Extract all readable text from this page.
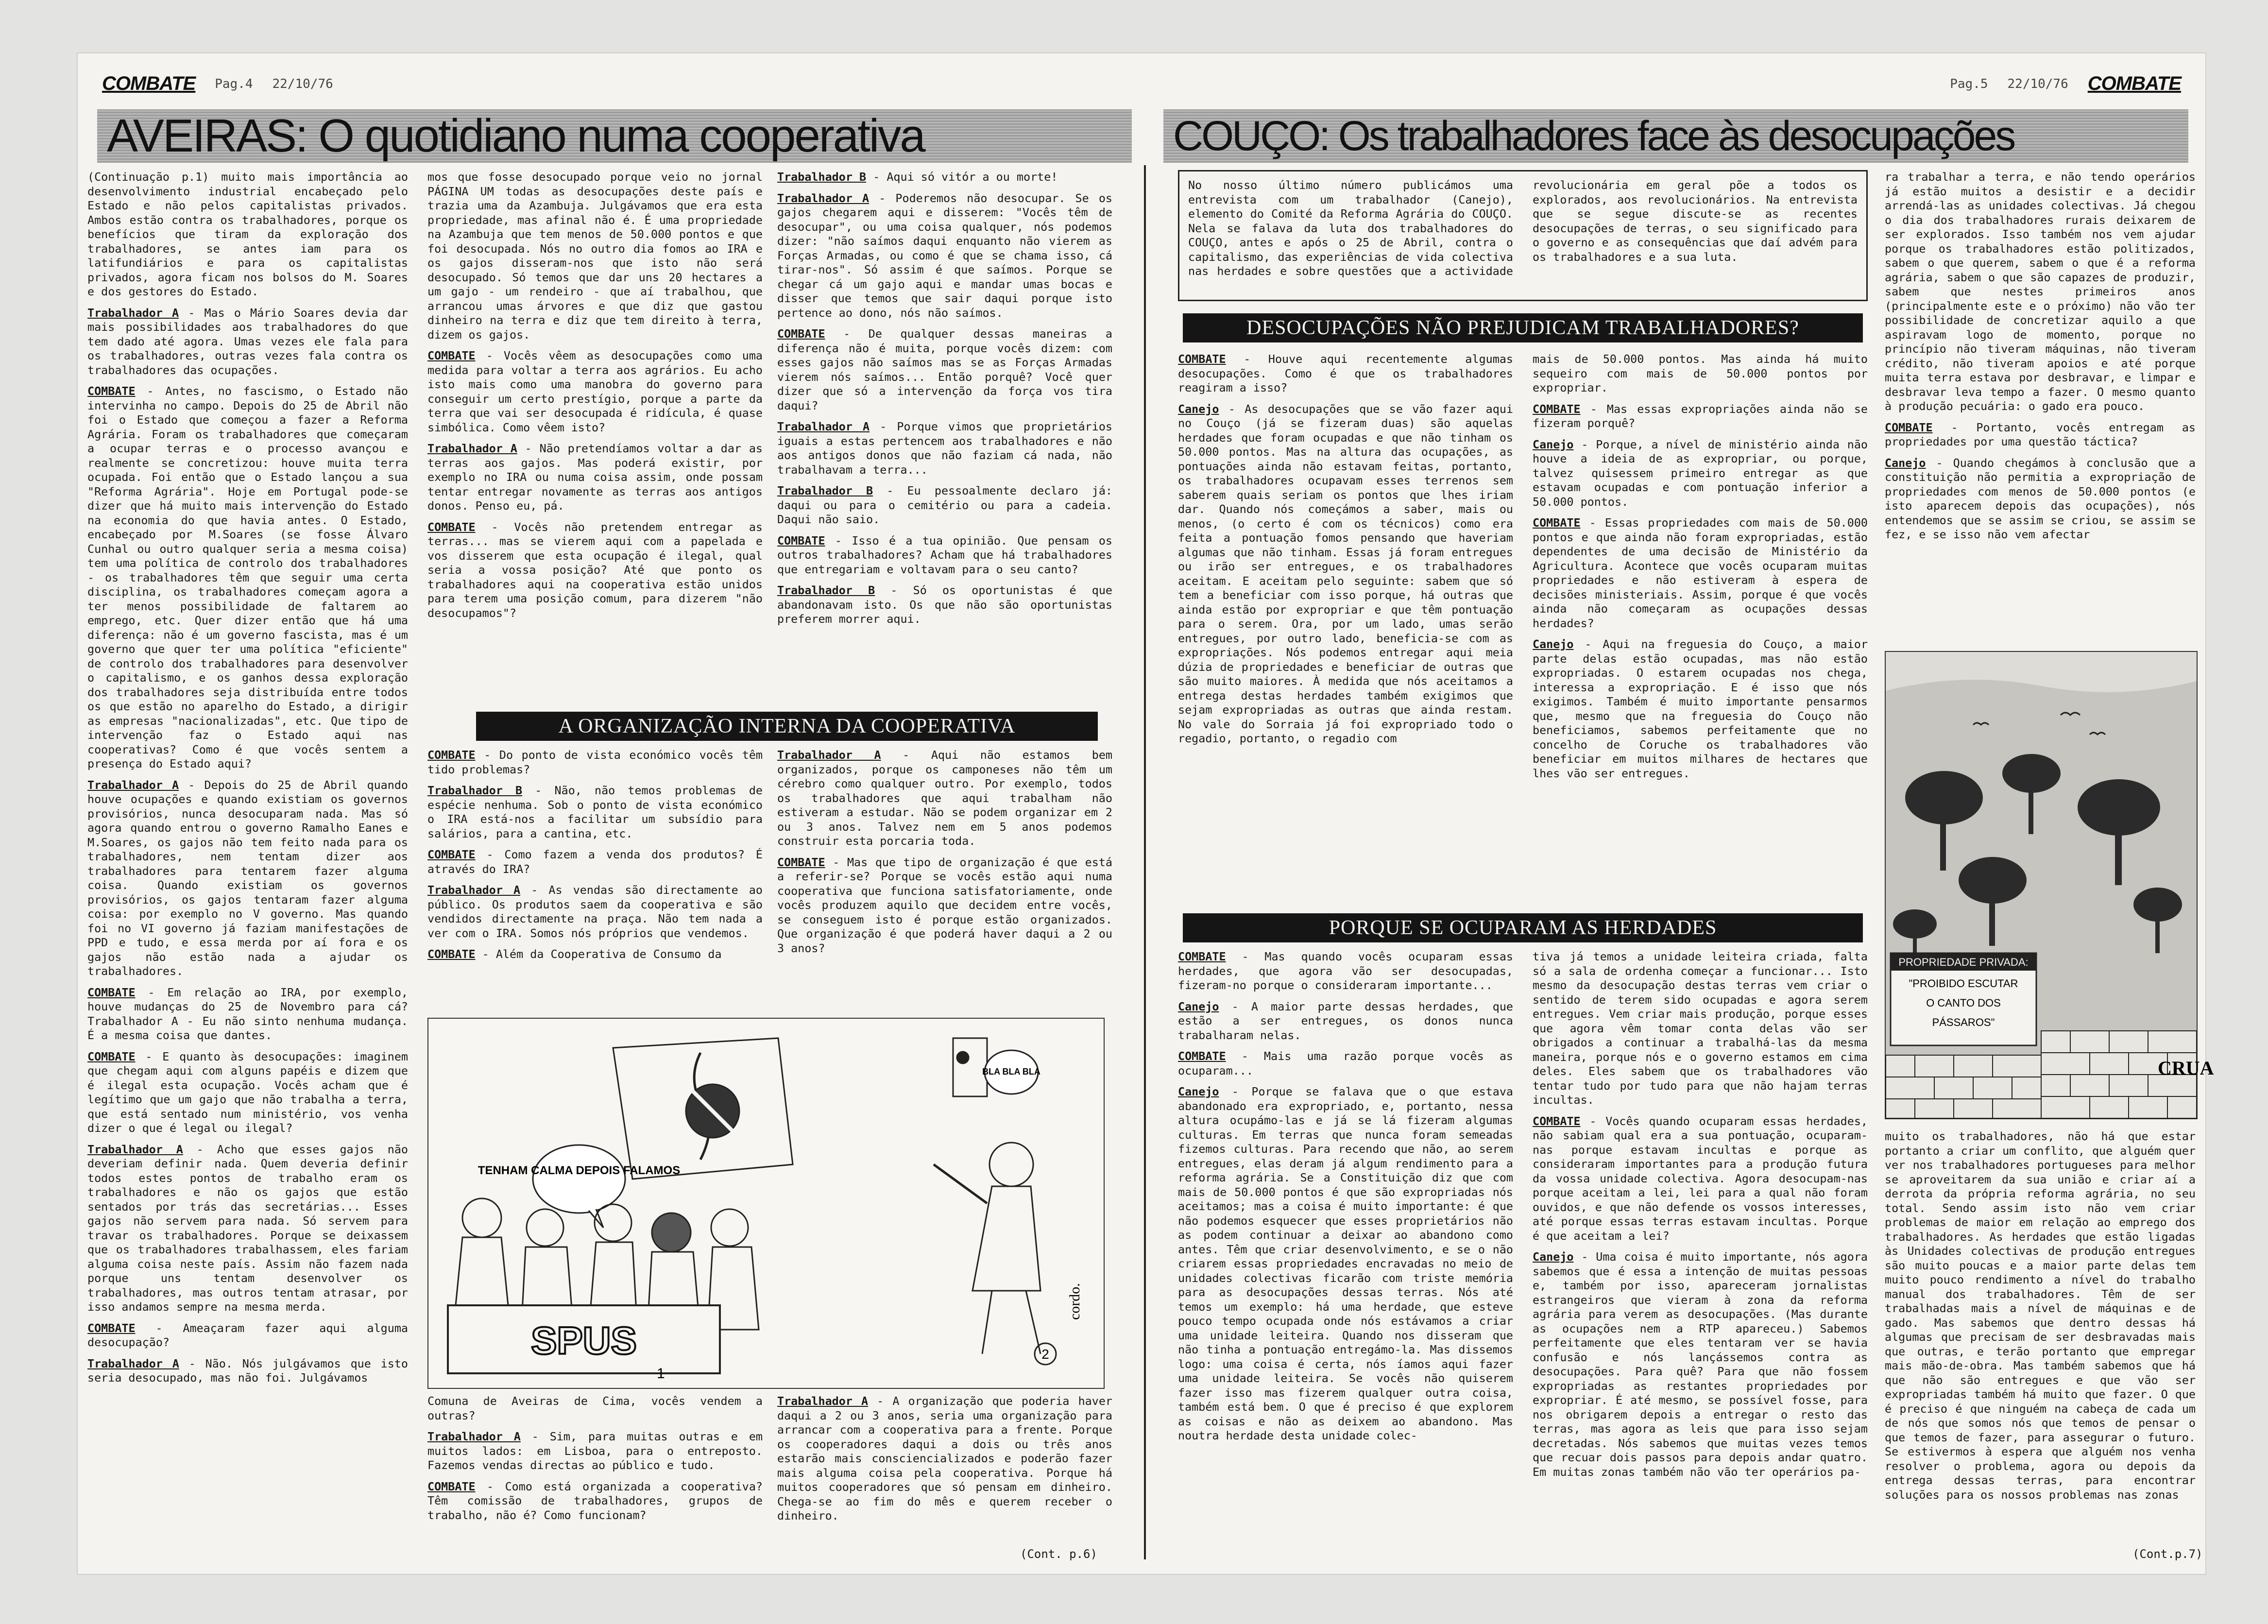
COMBATE Pag.4 22/10/76	Pag.5 22/10/76 COMBATE
AVEIRAS: O quotidiano numa cooperativa	COUÇO: Os trabalhadores face às desocupações

(Continuação p.1) muito mais importância ao desenvolvimento industrial encabeçado pelo Estado e não pelos capitalistas privados. Ambos estão contra os trabalhadores, porque os benefícios que tiram da exploração dos trabalhadores, se antes iam para os latifundiários e para os capitalistas privados, agora ficam nos bolsos do M. Soares e dos gestores do Estado.

Trabalhador A - Mas o Mário Soares devia dar mais possibilidades aos trabalhadores do que tem dado até agora. Umas vezes ele fala para os trabalhadores, outras vezes fala contra os trabalhadores das ocupações.

COMBATE - Antes, no fascismo, o Estado não intervinha no campo. Depois do 25 de Abril não foi o Estado que começou a fazer a Reforma Agrária. Foram os trabalhadores que começaram a ocupar terras e o processo avançou e realmente se concretizou: houve muita terra ocupada. Foi então que o Estado lançou a sua "Reforma Agrária". Hoje em Portugal pode-se dizer que há muito mais intervenção do Estado na economia do que havia antes. O Estado, encabeçado por M.Soares (se fosse Álvaro Cunhal ou outro qualquer seria a mesma coisa) tem uma política de controlo dos trabalhadores - os trabalhadores têm que seguir uma certa disciplina, os trabalhadores começam agora a ter menos possibilidade de faltarem ao emprego, etc. Quer dizer então que há uma diferença: não é um governo fascista, mas é um governo que quer ter uma política "eficiente" de controlo dos trabalhadores para desenvolver o capitalismo, e os ganhos dessa exploração dos trabalhadores seja distribuída entre todos os que estão no aparelho do Estado, a dirigir as empresas "nacionalizadas", etc. Que tipo de intervenção faz o Estado aqui nas cooperativas? Como é que vocês sentem a presença do Estado aqui?

Trabalhador A - Depois do 25 de Abril quando houve ocupações e quando existiam os governos provisórios, nunca desocuparam nada. Mas só agora quando entrou o governo Ramalho Eanes e M.Soares, os gajos não tem feito nada para os trabalhadores, nem tentam dizer aos trabalhadores para tentarem fazer alguma coisa. Quando existiam os governos provisórios, os gajos tentaram fazer alguma coisa: por exemplo no V governo. Mas quando foi no VI governo já faziam manifestações de PPD e tudo, e essa merda por aí fora e os gajos não estão nada a ajudar os trabalhadores.

COMBATE - Em relação ao IRA, por exemplo, houve mudanças do 25 de Novembro para cá? Trabalhador A - Eu não sinto nenhuma mudança. É a mesma coisa que dantes.

COMBATE - E quanto às desocupações: imaginem que chegam aqui com alguns papéis e dizem que é ilegal esta ocupação. Vocês acham que é legítimo que um gajo que não trabalha a terra, que está sentado num ministério, vos venha dizer o que é legal ou ilegal?

Trabalhador A - Acho que esses gajos não deveriam definir nada. Quem deveria definir todos estes pontos de trabalho eram os trabalhadores e não os gajos que estão sentados por trás das secretárias... Esses gajos não servem para nada. Só servem para travar os trabalhadores. Porque se deixassem que os trabalhadores trabalhassem, eles fariam alguma coisa neste país. Assim não fazem nada porque uns tentam desenvolver os trabalhadores, mas outros tentam atrasar, por isso andamos sempre na mesma merda.

COMBATE - Ameaçaram fazer aqui alguma desocupação?

Trabalhador A - Não. Nós julgávamos que isto seria desocupado, mas não foi. Julgávamos

mos que fosse desocupado porque veio no jornal PÁGINA UM todas as desocupações deste país e trazia uma da Azambuja. Julgávamos que era esta propriedade, mas afinal não é. É uma propriedade na Azambuja que tem menos de 50.000 pontos e que foi desocupada. Nós no outro dia fomos ao IRA e os gajos disseram-nos que isto não será desocupado. Só temos que dar uns 20 hectares a um gajo - um rendeiro - que aí trabalhou, que arrancou umas árvores e que diz que gastou dinheiro na terra e diz que tem direito à terra, dizem os gajos.

COMBATE - Vocês vêem as desocupações como uma medida para voltar a terra aos agrários. Eu acho isto mais como uma manobra do governo para conseguir um certo prestígio, porque a parte da terra que vai ser desocupada é ridícula, é quase simbólica. Como vêem isto?

Trabalhador A - Não pretendíamos voltar a dar as terras aos gajos. Mas poderá existir, por exemplo no IRA ou numa coisa assim, onde possam tentar entregar novamente as terras aos antigos donos. Penso eu, pá.

COMBATE - Vocês não pretendem entregar as terras... mas se vierem aqui com a papelada e vos disserem que esta ocupação é ilegal, qual seria a vossa posição? Até que ponto os trabalhadores aqui na cooperativa estão unidos para terem uma posição comum, para dizerem "não desocupamos"?

Trabalhador B - Aqui só vitór a ou morte!

Trabalhador A - Poderemos não desocupar. Se os gajos chegarem aqui e disserem: "Vocês têm de desocupar", ou uma coisa qualquer, nós podemos dizer: "não saímos daqui enquanto não vierem as Forças Armadas, ou como é que se chama isso, cá tirar-nos". Só assim é que saímos. Porque se chegar cá um gajo aqui e mandar umas bocas e disser que temos que sair daqui porque isto pertence ao dono, nós não saímos.

COMBATE - De qualquer dessas maneiras a diferença não é muita, porque vocês dizem: com esses gajos não saímos mas se as Forças Armadas vierem nós saímos... Então porquê? Você quer dizer que só a intervenção da força vos tira daqui?

Trabalhador A - Porque vimos que proprietários iguais a estas pertencem aos trabalhadores e não aos antigos donos que não faziam cá nada, não trabalhavam a terra...

Trabalhador B - Eu pessoalmente declaro já: daqui ou para o cemitério ou para a cadeia. Daqui não saio.

COMBATE - Isso é a tua opinião. Que pensam os outros trabalhadores? Acham que há trabalhadores que entregariam e voltavam para o seu canto?

Trabalhador B - Só os oportunistas é que abandonavam isto. Os que não são oportunistas preferem morrer aqui.

A ORGANIZAÇÃO INTERNA DA COOPERATIVA

COMBATE - Do ponto de vista económico vocês têm tido problemas?

Trabalhador B - Não, não temos problemas de espécie nenhuma. Sob o ponto de vista económico o IRA está-nos a facilitar um subsídio para salários, para a cantina, etc.

COMBATE - Como fazem a venda dos produtos? É através do IRA?

Trabalhador A - As vendas são directamente ao público. Os produtos saem da cooperativa e são vendidos directamente na praça. Não tem nada a ver com o IRA. Somos nós próprios que vendemos.

COMBATE - Além da Cooperativa de Consumo da

Trabalhador A - Aqui não estamos bem organizados, porque os camponeses não têm um cérebro como qualquer outro. Por exemplo, todos os trabalhadores que aqui trabalham não estiveram a estudar. Não se podem organizar em 2 ou 3 anos. Talvez nem em 5 anos podemos construir esta porcaria toda.

COMBATE - Mas que tipo de organização é que está a referir-se? Porque se vocês estão aqui numa cooperativa que funciona satisfatoriamente, onde vocês produzem aquilo que decidem entre vocês, se conseguem isto é porque estão organizados. Que organização é que poderá haver daqui a 2 ou 3 anos?

TENHAM CALMA DEPOIS FALAMOS
SPUS
1
BLA BLA BLA
2
cordo.

Comuna de Aveiras de Cima, vocês vendem a outras?

Trabalhador A - Sim, para muitas outras e em muitos lados: em Lisboa, para o entreposto. Fazemos vendas directas ao público e tudo.

COMBATE - Como está organizada a cooperativa? Têm comissão de trabalhadores, grupos de trabalho, não é? Como funcionam?

Trabalhador A - A organização que poderia haver daqui a 2 ou 3 anos, seria uma organização para arrancar com a cooperativa para a frente. Porque os cooperadores daqui a dois ou três anos estarão mais consciencializados e poderão fazer mais alguma coisa pela cooperativa. Porque há muitos cooperadores que só pensam em dinheiro. Chega-se ao fim do mês e querem receber o dinheiro.

(Cont. p.6)
No nosso último número publicámos uma entrevista com um trabalhador (Canejo), elemento do Comité da Reforma Agrária do COUÇO. Nela se falava da luta dos trabalhadores do COUÇO, antes e após o 25 de Abril, contra o capitalismo, das experiências de vida colectiva nas herdades e sobre questões que a actividade revolucionária em geral põe a todos os explorados, aos revolucionários. Na entrevista que se segue discute-se as recentes desocupações de terras, o seu significado para o governo e as consequências que daí advém para os trabalhadores e a sua luta.

ra trabalhar a terra, e não tendo operários já estão muitos a desistir e a decidir arrendá-las as unidades colectivas. Já chegou o dia dos trabalhadores rurais deixarem de ser explorados. Isso também nos vem ajudar porque os trabalhadores estão politizados, sabem o que querem, sabem o que é a reforma agrária, sabem o que são capazes de produzir, sabem que nestes primeiros anos (principalmente este e o próximo) não vão ter possibilidade de concretizar aquilo a que aspiravam logo de momento, porque no princípio não tiveram máquinas, não tiveram crédito, não tiveram apoios e até porque muita terra estava por desbravar, e limpar e desbravar leva tempo a fazer. O mesmo quanto à produção pecuária: o gado era pouco.

COMBATE - Portanto, vocês entregam as propriedades por uma questão táctica?

Canejo - Quando chegámos à conclusão que a constituição não permitia a expropriação de propriedades com menos de 50.000 pontos (e isto aparecem depois das ocupações), nós entendemos que se assim se criou, se assim se fez, e se isso não vem afectar

DESOCUPAÇÕES NÃO PREJUDICAM TRABALHADORES?

COMBATE - Houve aqui recentemente algumas desocupações. Como é que os trabalhadores reagiram a isso?

Canejo - As desocupações que se vão fazer aqui no Couço (já se fizeram duas) são aquelas herdades que foram ocupadas e que não tinham os 50.000 pontos. Mas na altura das ocupações, as pontuações ainda não estavam feitas, portanto, os trabalhadores ocupavam esses terrenos sem saberem quais seriam os pontos que lhes iriam dar. Quando nós começámos a saber, mais ou menos, (o certo é com os técnicos) como era feita a pontuação fomos pensando que haveriam algumas que não tinham. Essas já foram entregues ou irão ser entregues, e os trabalhadores aceitam. E aceitam pelo seguinte: sabem que só tem a beneficiar com isso porque, há outras que ainda estão por expropriar e que têm pontuação para o serem. Ora, por um lado, umas serão entregues, por outro lado, beneficia-se com as expropriações. Nós podemos entregar aqui meia dúzia de propriedades e beneficiar de outras que são muito maiores. À medida que nós aceitamos a entrega destas herdades também exigimos que sejam expropriadas as outras que ainda restam. No vale do Sorraia já foi expropriado todo o regadio, portanto, o regadio com

mais de 50.000 pontos. Mas ainda há muito sequeiro com mais de 50.000 pontos por expropriar.

COMBATE - Mas essas expropriações ainda não se fizeram porquê?

Canejo - Porque, a nível de ministério ainda não houve a ideia de as expropriar, ou porque, talvez quisessem primeiro entregar as que estavam ocupadas e com pontuação inferior a 50.000 pontos.

COMBATE - Essas propriedades com mais de 50.000 pontos e que ainda não foram expropriadas, estão dependentes de uma decisão de Ministério da Agricultura. Acontece que vocês ocuparam muitas propriedades e não estiveram à espera de decisões ministeriais. Assim, porque é que vocês ainda não começaram as ocupações dessas herdades?

Canejo - Aqui na freguesia do Couço, a maior parte delas estão ocupadas, mas não estão expropriadas. O estarem ocupadas nos chega, interessa a expropriação. E é isso que nós exigimos. Também é muito importante pensarmos que, mesmo que na freguesia do Couço não beneficiamos, sabemos perfeitamente que no concelho de Coruche os trabalhadores vão beneficiar em muitos milhares de hectares que lhes vão ser entregues.

PROPRIEDADE PRIVADA:
"PROIBIDO ESCUTAR
O CANTO DOS
PÁSSAROS"
CRUA
PORQUE SE OCUPARAM AS HERDADES

COMBATE - Mas quando vocês ocuparam essas herdades, que agora vão ser desocupadas, fizeram-no porque o consideraram importante...

Canejo - A maior parte dessas herdades, que estão a ser entregues, os donos nunca trabalharam nelas.

COMBATE - Mais uma razão porque vocês as ocuparam...

Canejo - Porque se falava que o que estava abandonado era expropriado, e, portanto, nessa altura ocupámo-las e já se lá fizeram algumas culturas. Em terras que nunca foram semeadas fizemos culturas. Para recendo que não, ao serem entregues, elas deram já algum rendimento para a reforma agrária. Se a Constituição diz que com mais de 50.000 pontos é que são expropriadas nós aceitamos; mas a coisa é muito importante: é que não podemos esquecer que esses proprietários não as podem continuar a deixar ao abandono como antes. Têm que criar desenvolvimento, e se o não criarem essas propriedades encravadas no meio de unidades colectivas ficarão com triste memória para as desocupações dessas terras. Nós até temos um exemplo: há uma herdade, que esteve pouco tempo ocupada onde nós estávamos a criar uma unidade leiteira. Quando nos disseram que não tinha a pontuação entregámo-la. Mas dissemos logo: uma coisa é certa, nós íamos aqui fazer uma unidade leiteira. Se vocês não quiserem fazer isso mas fizerem qualquer outra coisa, também está bem. O que é preciso é que explorem as coisas e não as deixem ao abandono. Mas noutra herdade desta unidade colec-

tiva já temos a unidade leiteira criada, falta só a sala de ordenha começar a funcionar... Isto mesmo da desocupação destas terras vem criar o sentido de terem sido ocupadas e agora serem entregues. Vem criar mais produção, porque esses que agora vêm tomar conta delas vão ser obrigados a continuar a trabalhá-las da mesma maneira, porque nós e o governo estamos em cima deles. Eles sabem que os trabalhadores vão tentar tudo por tudo para que não hajam terras incultas.

COMBATE - Vocês quando ocuparam essas herdades, não sabiam qual era a sua pontuação, ocuparam-nas porque estavam incultas e porque as consideraram importantes para a produção futura da vossa unidade colectiva. Agora desocupam-nas porque aceitam a lei, lei para a qual não foram ouvidos, e que não defende os vossos interesses, até porque essas terras estavam incultas. Porque é que aceitam a lei?

Canejo - Uma coisa é muito importante, nós agora sabemos que é essa a intenção de muitas pessoas e, também por isso, apareceram jornalistas estrangeiros que vieram à zona da reforma agrária para verem as desocupações. (Mas durante as ocupações nem a RTP apareceu.) Sabemos perfeitamente que eles tentaram ver se havia confusão e nós lançássemos contra as desocupações. Para quê? Para que não fossem expropriadas as restantes propriedades por expropriar. É até mesmo, se possível fosse, para nos obrigarem depois a entregar o resto das terras, mas agora as leis que para isso sejam decretadas. Nós sabemos que muitas vezes temos que recuar dois passos para depois andar quatro. Em muitas zonas também não vão ter operários pa-

muito os trabalhadores, não há que estar portanto a criar um conflito, que alguém quer ver nos trabalhadores portugueses para melhor se aproveitarem da sua união e criar aí a derrota da própria reforma agrária, no seu total. Sendo assim isto não vem criar problemas de maior em relação ao emprego dos trabalhadores. As herdades que estão ligadas às Unidades colectivas de produção entregues são muito poucas e a maior parte delas tem muito pouco rendimento a nível do trabalho manual dos trabalhadores. Têm de ser trabalhadas mais a nível de máquinas e de gado. Mas sabemos que dentro dessas há algumas que precisam de ser desbravadas mais que outras, e terão portanto que empregar mais mão-de-obra. Mas também sabemos que há que não são entregues e que vão ser expropriadas também há muito que fazer. O que é preciso é que ninguém na cabeça de cada um de nós que somos nós que temos de pensar o que temos de fazer, para assegurar o futuro. Se estivermos à espera que alguém nos venha resolver o problema, agora ou depois da entrega dessas terras, para encontrar soluções para os nossos problemas nas zonas

(Cont.p.7)
